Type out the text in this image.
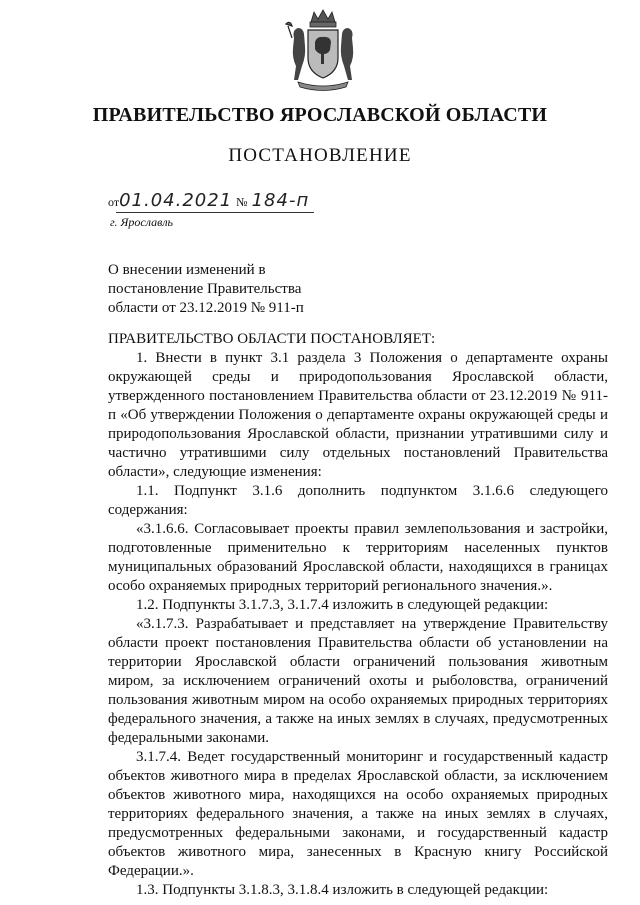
ПРАВИТЕЛЬСТВО ЯРОСЛАВСКОЙ ОБЛАСТИ
ПОСТАНОВЛЕНИЕ
от01.04.2021 № 184-п
г. Ярославль
О внесении изменений в
постановление Правительства
области от 23.12.2019 № 911-п

ПРАВИТЕЛЬСТВО ОБЛАСТИ ПОСТАНОВЛЯЕТ:

1. Внести в пункт 3.1 раздела 3 Положения о департаменте охраны окружающей среды и природопользования Ярославской области, утвержденного постановлением Правительства области от 23.12.2019 № 911-п «Об утверждении Положения о департаменте охраны окружающей среды и природопользования Ярославской области, признании утратившими силу и частично утратившими силу отдельных постановлений Правительства области», следующие изменения:

1.1. Подпункт 3.1.6 дополнить подпунктом 3.1.6.6 следующего содержания:

«3.1.6.6. Согласовывает проекты правил землепользования и застройки, подготовленные применительно к территориям населенных пунктов муниципальных образований Ярославской области, находящихся в границах особо охраняемых природных территорий регионального значения.».

1.2. Подпункты 3.1.7.3, 3.1.7.4 изложить в следующей редакции:

«3.1.7.3. Разрабатывает и представляет на утверждение Правительству области проект постановления Правительства области об установлении на территории Ярославской области ограничений пользования животным миром, за исключением ограничений охоты и рыболовства, ограничений пользования животным миром на особо охраняемых природных территориях федерального значения, а также на иных землях в случаях, предусмотренных федеральными законами.

3.1.7.4. Ведет государственный мониторинг и государственный кадастр объектов животного мира в пределах Ярославской области, за исключением объектов животного мира, находящихся на особо охраняемых природных территориях федерального значения, а также на иных землях в случаях, предусмотренных федеральными законами, и государственный кадастр объектов животного мира, занесенных в Красную книгу Российской Федерации.».

1.3. Подпункты 3.1.8.3, 3.1.8.4 изложить в следующей редакции:
